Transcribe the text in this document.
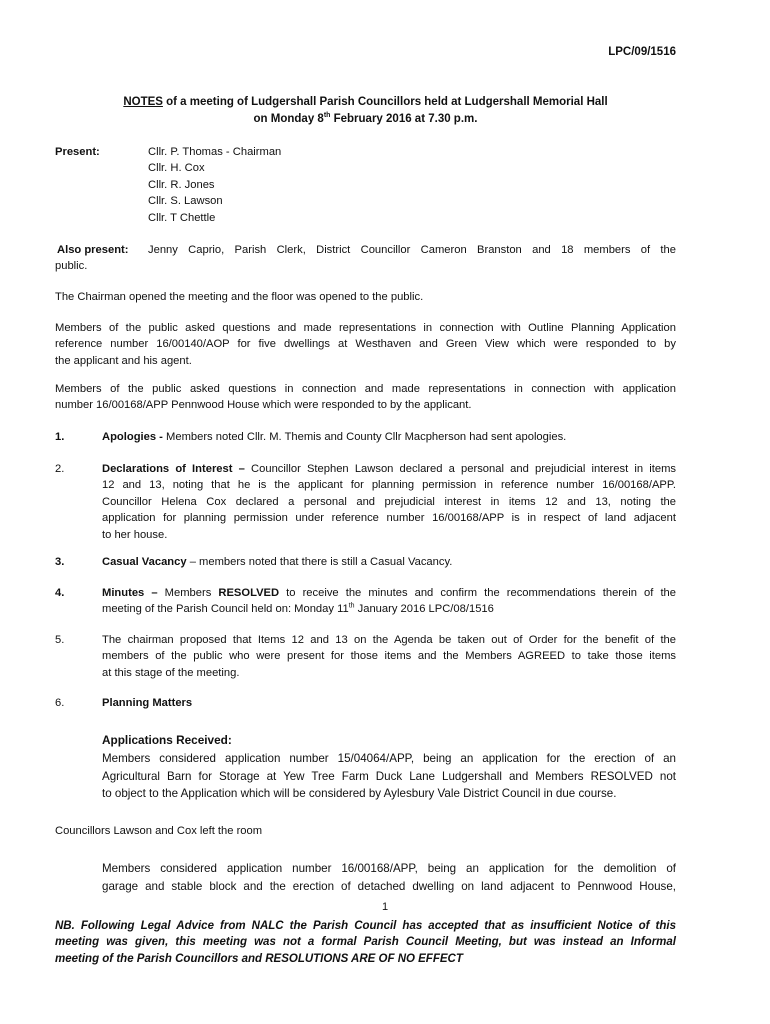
LPC/09/1516
NOTES of a meeting of Ludgershall Parish Councillors held at Ludgershall Memorial Hall
on Monday 8th February 2016 at 7.30 p.m.
Present:	Cllr. P. Thomas - Chairman
Cllr. H. Cox
Cllr. R. Jones
Cllr. S. Lawson
Cllr. T Chettle
Also present: Jenny Caprio, Parish Clerk, District Councillor Cameron Branston and 18 members of the
public.
The Chairman opened the meeting and the floor was opened to the public.
Members of the public asked questions and made representations in connection with Outline Planning Application
reference number 16/00140/AOP for five dwellings at Westhaven and Green View which were responded to by
the applicant and his agent.
Members of the public asked questions in connection and made representations in connection with application
number 16/00168/APP Pennwood House which were responded to by the applicant.
1.	Apologies - Members noted Cllr. M. Themis and County Cllr Macpherson had sent apologies.
2.	Declarations of Interest – Councillor Stephen Lawson declared a personal and prejudicial interest in items
12 and 13, noting that he is the applicant for planning permission in reference number 16/00168/APP.
Councillor Helena Cox declared a personal and prejudicial interest in items 12 and 13, noting the
application for planning permission under reference number 16/00168/APP is in respect of land adjacent
to her house.
3.	Casual Vacancy – members noted that there is still a Casual Vacancy.
4.	Minutes – Members RESOLVED to receive the minutes and confirm the recommendations therein of the
meeting of the Parish Council held on: Monday 11th January 2016 LPC/08/1516
5.	The chairman proposed that Items 12 and 13 on the Agenda be taken out of Order for the benefit of the
members of the public who were present for those items and the Members AGREED to take those items
at this stage of the meeting.
6.	Planning Matters
Applications Received:
Members considered application number 15/04064/APP, being an application for the erection of an
Agricultural Barn for Storage at Yew Tree Farm Duck Lane Ludgershall and Members RESOLVED not
to object to the Application which will be considered by Aylesbury Vale District Council in due course.
Councillors Lawson and Cox left the room
Members considered application number 16/00168/APP, being an application for the demolition of
garage and stable block and the erection of detached dwelling on land adjacent to Pennwood House,
1
NB. Following Legal Advice from NALC the Parish Council has accepted that as insufficient Notice of this
meeting was given, this meeting was not a formal Parish Council Meeting, but was instead an Informal
meeting of the Parish Councillors and RESOLUTIONS ARE OF NO EFFECT
